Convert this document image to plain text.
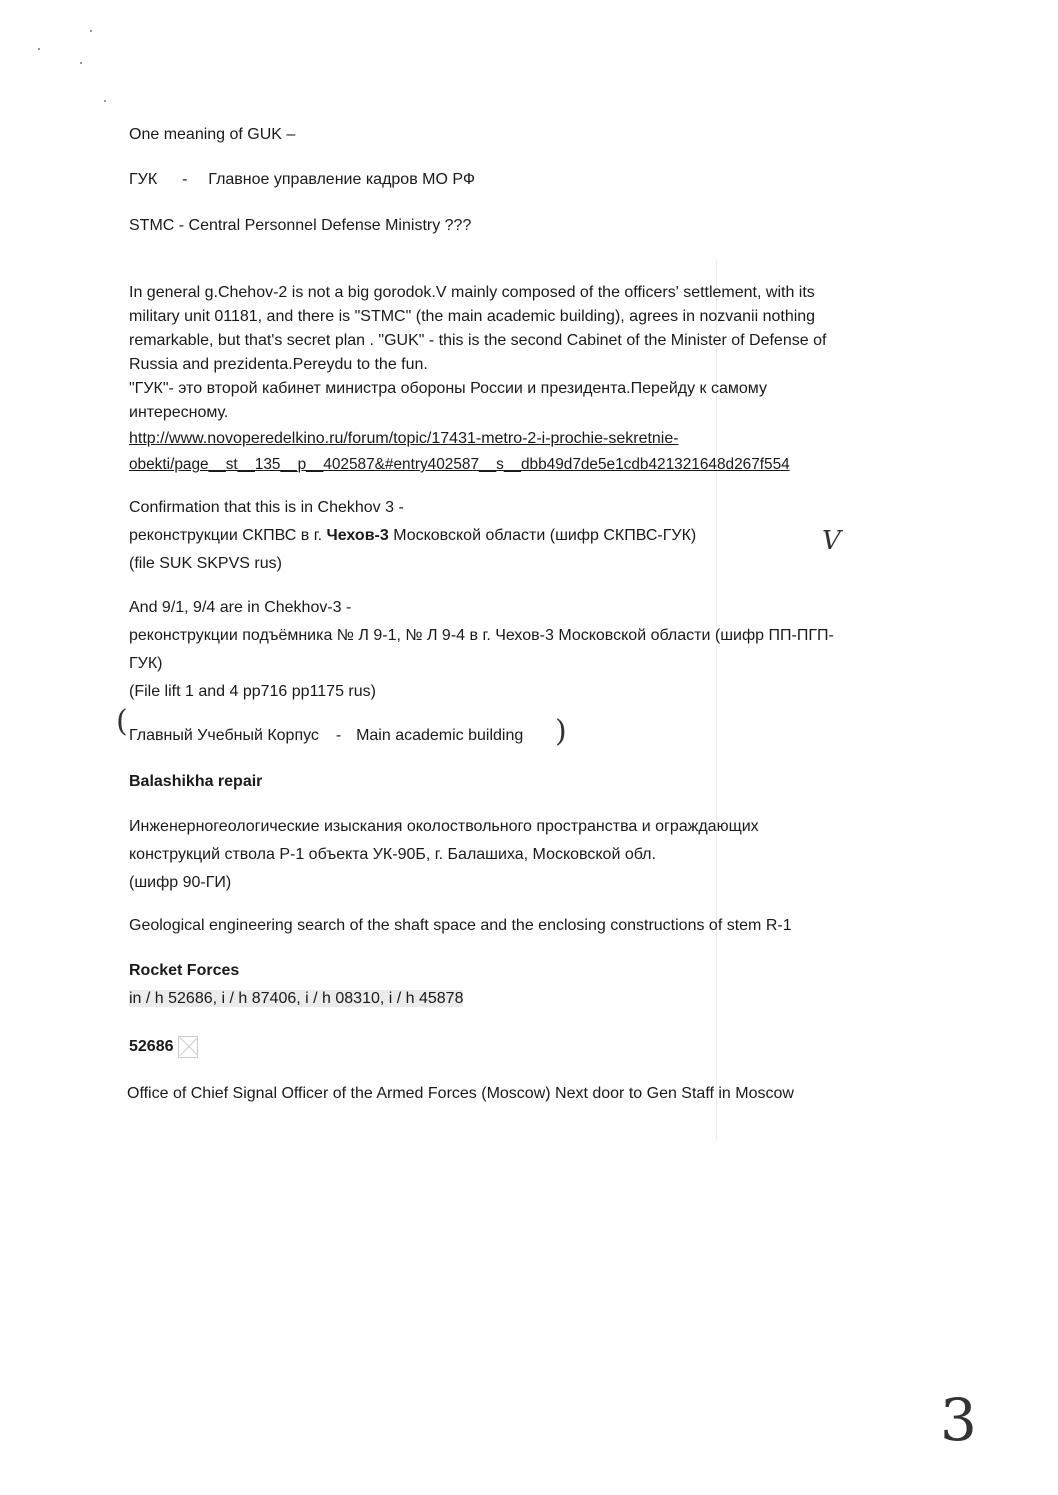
One meaning of GUK –
ГУК - Главное управление кадров МО РФ
STMC - Central Personnel Defense Ministry ???

In general g.Chehov-2 is not a big gorodok.V mainly composed of the officers' settlement, with its

military unit 01181, and there is "STMC" (the main academic building), agrees in nozvanii nothing

remarkable, but that's secret plan . "GUK" - this is the second Cabinet of the Minister of Defense of

Russia and prezidenta.Pereydu to the fun.

"ГУК"- это второй кабинет министра обороны России и президента.Перейду к самому

интересному.

http://www.novoperedelkino.ru/forum/topic/17431-metro-2-i-prochie-sekretnie-

obekti/page__st__135__p__402587&#entry402587__s__dbb49d7de5e1cdb421321648d267f554

Confirmation that this is in Chekhov 3 -

реконструкции СКПВС в г. Чехов-3 Московской области (шифр СКПВС-ГУК)

(file SUK SKPVS rus)

V

And 9/1, 9/4 are in Chekhov-3 -

реконструкции подъёмника № Л 9-1, № Л 9-4 в г. Чехов-3 Московской области (шифр ПП-ПГП-

ГУК)

(File lift 1 and 4 pp716 pp1175 rus)

( Главный Учебный Корпус - Main academic building )
Balashikha repair

Инженерногеологические изыскания околоствольного пространства и ограждающих

конструкций ствола Р-1 объекта УК-90Б, г. Балашиха, Московской обл.

(шифр 90-ГИ)

Geological engineering search of the shaft space and the enclosing constructions of stem R-1
Rocket Forces
in / h 52686, i / h 87406, i / h 08310, i / h 45878
52686
Office of Chief Signal Officer of the Armed Forces (Moscow) Next door to Gen Staff in Moscow
3
